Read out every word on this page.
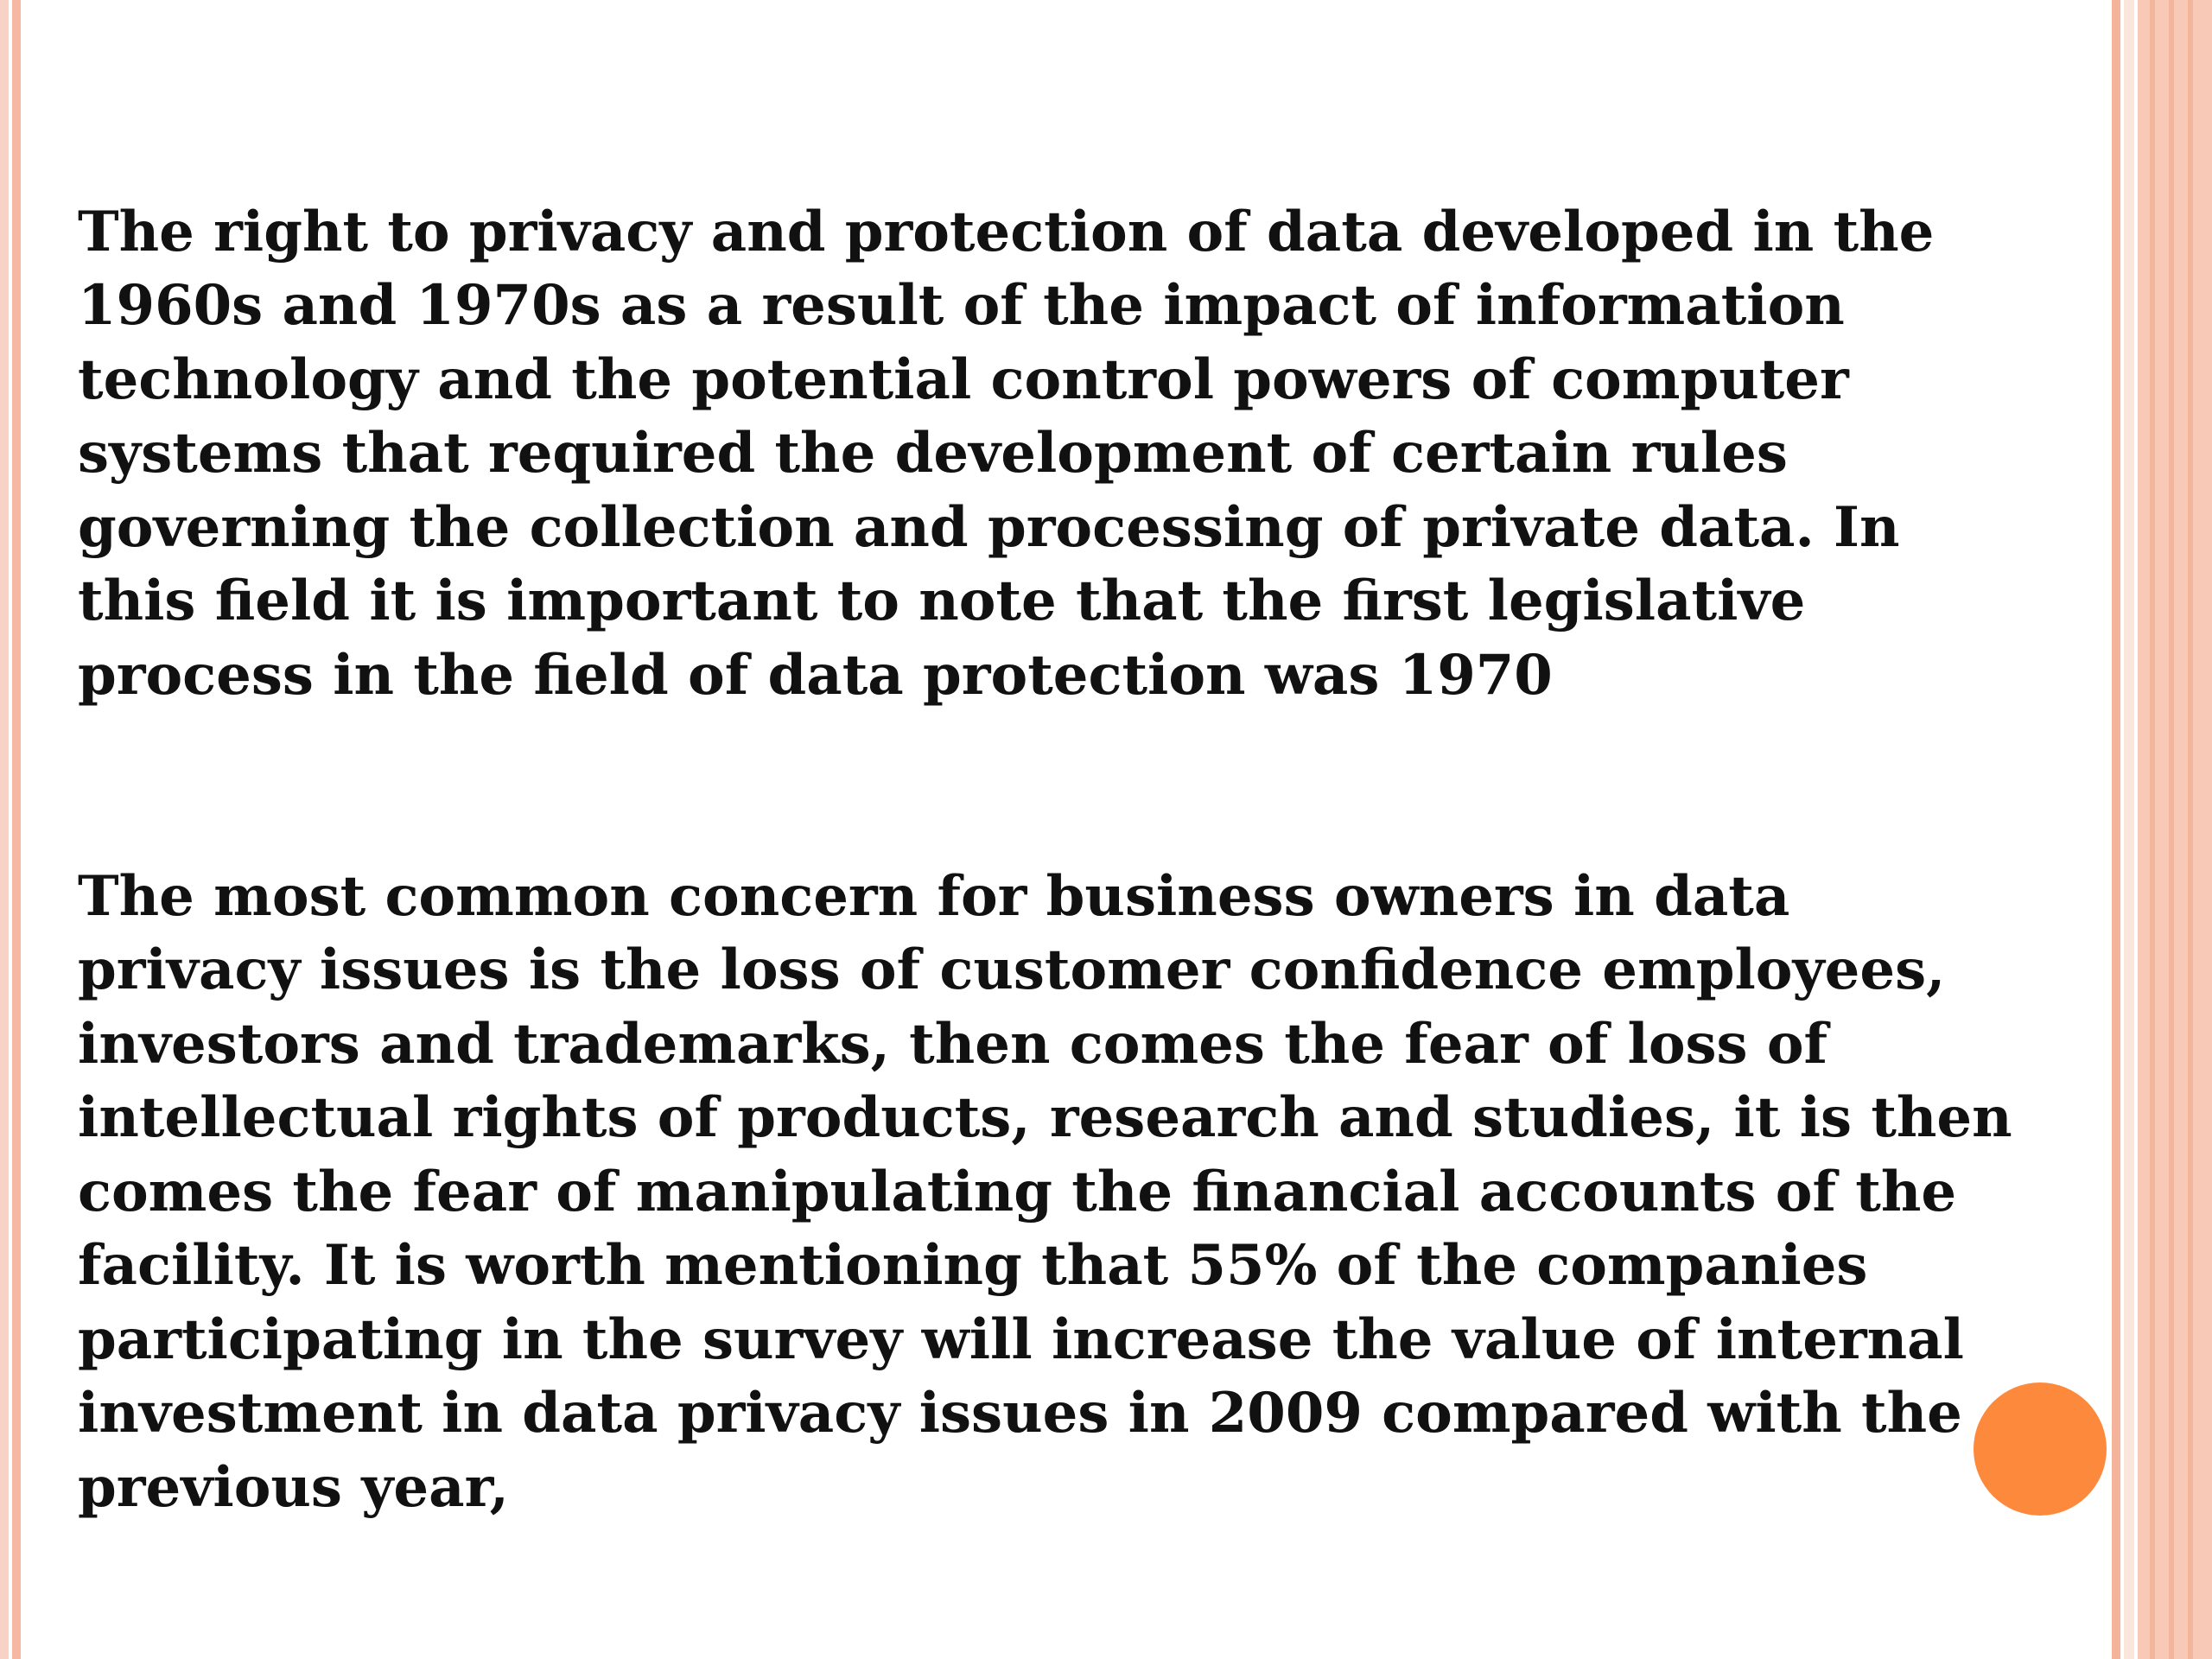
The right to privacy and protection of data developed in the
1960s and 1970s as a result of the impact of information
technology and the potential control powers of computer
systems that required the development of certain rules
governing the collection and processing of private data. In
this field it is important to note that the first legislative
process in the field of data protection was 1970

The most common concern for business owners in data
privacy issues is the loss of customer confidence employees,
investors and trademarks, then comes the fear of loss of
intellectual rights of products, research and studies, it is then
comes the fear of manipulating the financial accounts of the
facility. It is worth mentioning that 55% of the companies
participating in the survey will increase the value of internal
investment in data privacy issues in 2009 compared with the
previous year,
